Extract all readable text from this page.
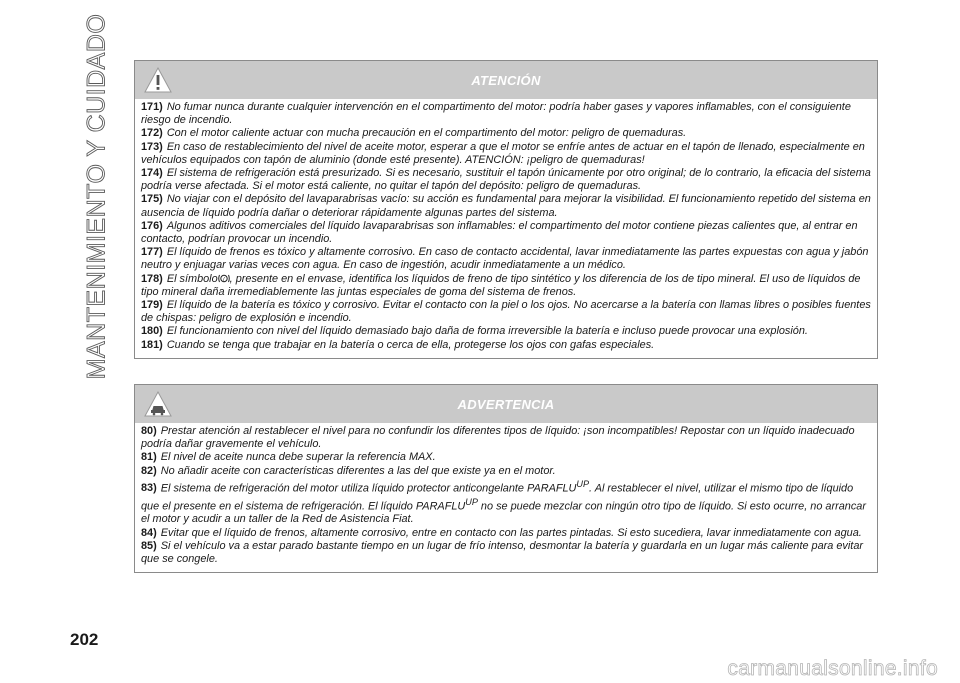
MANTENIMIENTO Y CUIDADO	ATENCIÓN

171) No fumar nunca durante cualquier intervención en el compartimento del motor: podría haber gases y vapores inflamables, con el consiguiente riesgo de incendio.

172) Con el motor caliente actuar con mucha precaución en el compartimento del motor: peligro de quemaduras.

173) En caso de restablecimiento del nivel de aceite motor, esperar a que el motor se enfríe antes de actuar en el tapón de llenado, especialmente en vehículos equipados con tapón de aluminio (donde esté presente). ATENCIÓN: ¡peligro de quemaduras!

174) El sistema de refrigeración está presurizado. Si es necesario, sustituir el tapón únicamente por otro original; de lo contrario, la eficacia del sistema podría verse afectada. Si el motor está caliente, no quitar el tapón del depósito: peligro de quemaduras.

175) No viajar con el depósito del lavaparabrisas vacío: su acción es fundamental para mejorar la visibilidad. El funcionamiento repetido del sistema en ausencia de líquido podría dañar o deteriorar rápidamente algunas partes del sistema.

176) Algunos aditivos comerciales del líquido lavaparabrisas son inflamables: el compartimento del motor contiene piezas calientes que, al entrar en contacto, podrían provocar un incendio.

177) El líquido de frenos es tóxico y altamente corrosivo. En caso de contacto accidental, lavar inmediatamente las partes expuestas con agua y jabón neutro y enjuagar varias veces con agua. En caso de ingestión, acudir inmediatamente a un médico.

178) El símbolo ( , presente en el envase, identifica los líquidos de freno de tipo sintético y los diferencia de los de tipo mineral. El uso de líquidos de tipo mineral daña irremediablemente las juntas especiales de goma del sistema de frenos.

179) El líquido de la batería es tóxico y corrosivo. Evitar el contacto con la piel o los ojos. No acercarse a la batería con llamas libres o posibles fuentes de chispas: peligro de explosión e incendio.

180) El funcionamiento con nivel del líquido demasiado bajo daña de forma irreversible la batería e incluso puede provocar una explosión.

181) Cuando se tenga que trabajar en la batería o cerca de ella, protegerse los ojos con gafas especiales.

ADVERTENCIA

80) Prestar atención al restablecer el nivel para no confundir los diferentes tipos de líquido: ¡son incompatibles! Repostar con un líquido inadecuado podría dañar gravemente el vehículo.

81) El nivel de aceite nunca debe superar la referencia MAX.

82) No añadir aceite con características diferentes a las del que existe ya en el motor.

83) El sistema de refrigeración del motor utiliza líquido protector anticongelante $PARAFLU^{UP}$. Al restablecer el nivel, utilizar el mismo tipo de líquido que el presente en el sistema de refrigeración. El líquido $PARAFLU^{UP}$ no se puede mezclar con ningún otro tipo de líquido. Si esto ocurre, no arrancar el motor y acudir a un taller de la Red de Asistencia Fiat.

84) Evitar que el líquido de frenos, altamente corrosivo, entre en contacto con las partes pintadas. Si esto sucediera, lavar inmediatamente con agua.

85) Si el vehículo va a estar parado bastante tiempo en un lugar de frío intenso, desmontar la batería y guardarla en un lugar más caliente para evitar que se congele.

202
carmanualsonline.info
